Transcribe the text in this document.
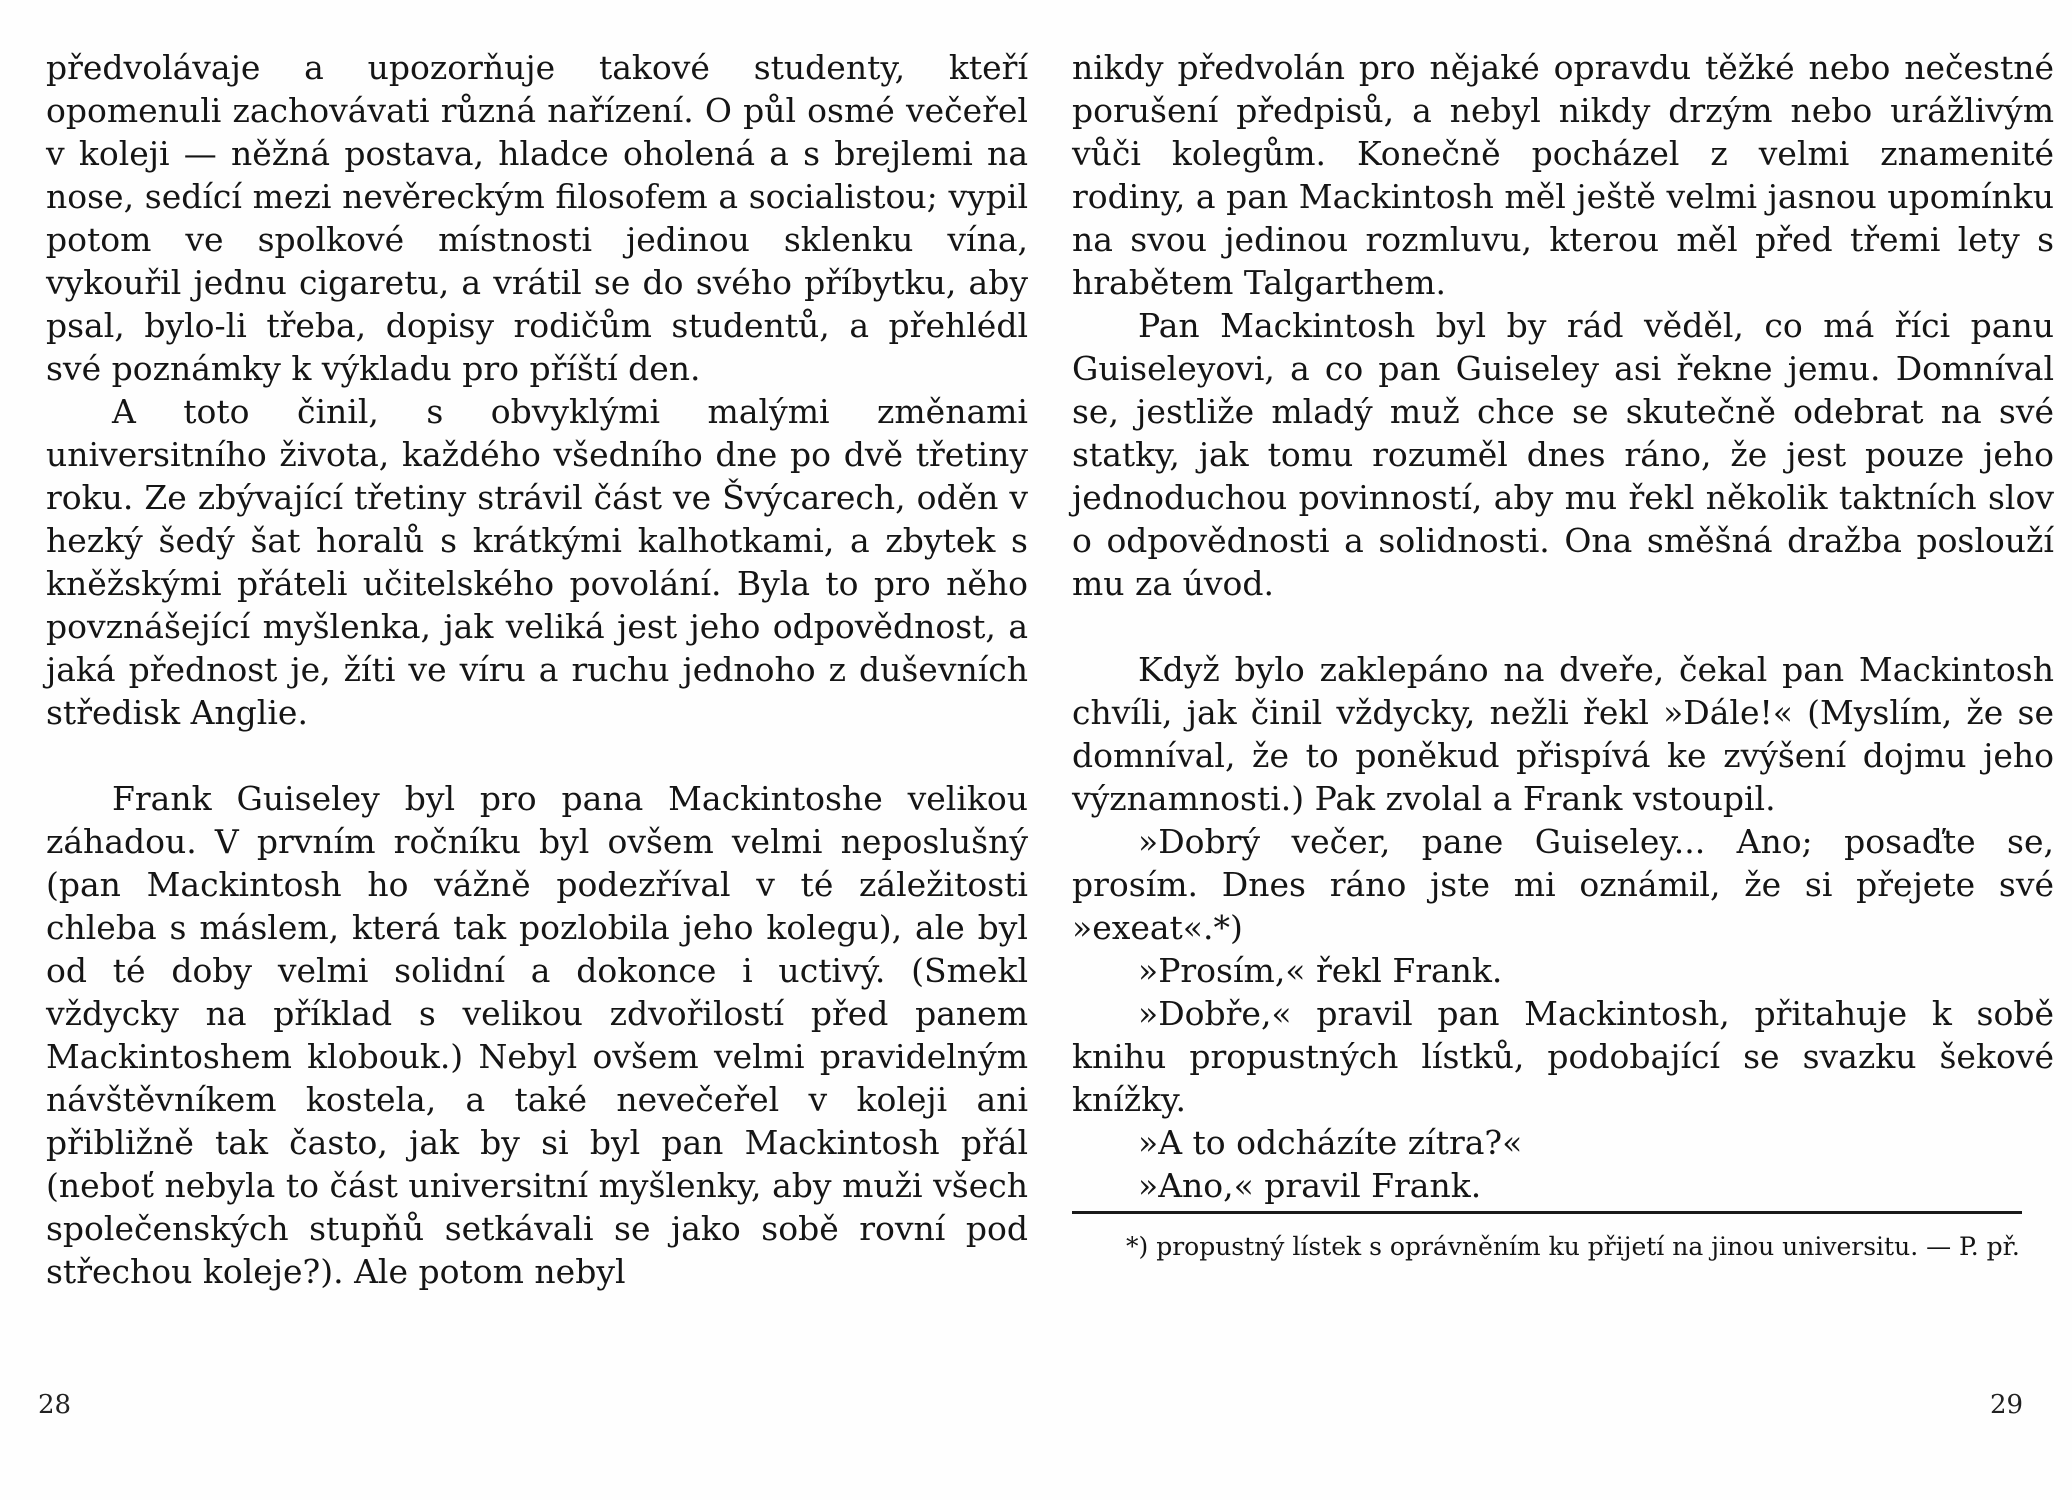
předvolávaje a upozorňuje takové studenty, kteří opomenuli zachovávati různá nařízení. O půl osmé večeřel v koleji — něžná postava, hladce oholená a s brejlemi na nose, sedící mezi nevěreckým filosofem a socialistou; vypil potom ve spolkové místnosti jedinou sklenku vína, vykouřil jednu cigaretu, a vrátil se do svého příbytku, aby psal, bylo-li třeba, dopisy rodičům studentů, a přehlédl své poznámky k výkladu pro příští den.

A toto činil, s obvyklými malými změnami universitního života, každého všedního dne po dvě třetiny roku. Ze zbývající třetiny strávil část ve Švýcarech, oděn v hezký šedý šat horalů s krátkými kalhotkami, a zbytek s kněžskými přáteli učitelského povolání. Byla to pro něho povznášející myšlenka, jak veliká jest jeho odpovědnost, a jaká přednost je, žíti ve víru a ruchu jednoho z duševních středisk Anglie.

Frank Guiseley byl pro pana Mackintoshe velikou záhadou. V prvním ročníku byl ovšem velmi neposlušný (pan Mackintosh ho vážně podezříval v té záležitosti chleba s máslem, která tak pozlobila jeho kolegu), ale byl od té doby velmi solidní a dokonce i uctivý. (Smekl vždycky na příklad s velikou zdvořilostí před panem Mackintoshem klobouk.) Nebyl ovšem velmi pravidelným návštěvníkem kostela, a také nevečeřel v koleji ani přibližně tak často, jak by si byl pan Mackintosh přál (neboť nebyla to část universitní myšlenky, aby muži všech společenských stupňů setkávali se jako sobě rovní pod střechou koleje?). Ale potom nebyl

nikdy předvolán pro nějaké opravdu těžké nebo nečestné porušení předpisů, a nebyl nikdy drzým nebo urážlivým vůči kolegům. Konečně pocházel z velmi znamenité rodiny, a pan Mackintosh měl ještě velmi jasnou upomínku na svou jedinou rozmluvu, kterou měl před třemi lety s hrabětem Talgarthem.

Pan Mackintosh byl by rád věděl, co má říci panu Guiseleyovi, a co pan Guiseley asi řekne jemu. Domníval se, jestliže mladý muž chce se skutečně odebrat na své statky, jak tomu rozuměl dnes ráno, že jest pouze jeho jednoduchou povinností, aby mu řekl několik taktních slov o odpovědnosti a solidnosti. Ona směšná dražba poslouží mu za úvod.

Když bylo zaklepáno na dveře, čekal pan Mackintosh chvíli, jak činil vždycky, nežli řekl »Dále!« (Myslím, že se domníval, že to poněkud přispívá ke zvýšení dojmu jeho významnosti.) Pak zvolal a Frank vstoupil.

»Dobrý večer, pane Guiseley... Ano; posaďte se, prosím. Dnes ráno jste mi oznámil, že si přejete své »exeat«.*)

»Prosím,« řekl Frank.

»Dobře,« pravil pan Mackintosh, přitahuje k sobě knihu propustných lístků, podobající se svazku šekové knížky.

»A to odcházíte zítra?«

»Ano,« pravil Frank.

*) propustný lístek s oprávněním ku přijetí na jinou universitu. — P. př.

28	29
